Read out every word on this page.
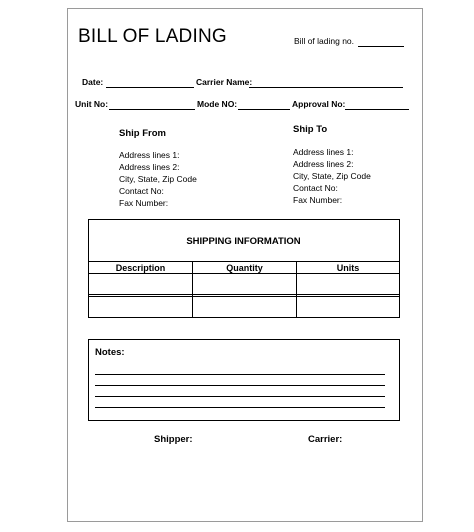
BILL OF LADING	Bill of lading no.
Date:	Carrier Name:
Unit No:	Mode NO:	Approval No:
Ship From
Address lines 1:
Address lines 2:
City, State, Zip Code
Contact No:
Fax Number:
Ship To
Address lines 1:
Address lines 2:
City, State, Zip Code
Contact No:
Fax Number:
SHIPPING INFORMATION
Description	Quantity	Units

Notes:
Shipper:	Carrier:
